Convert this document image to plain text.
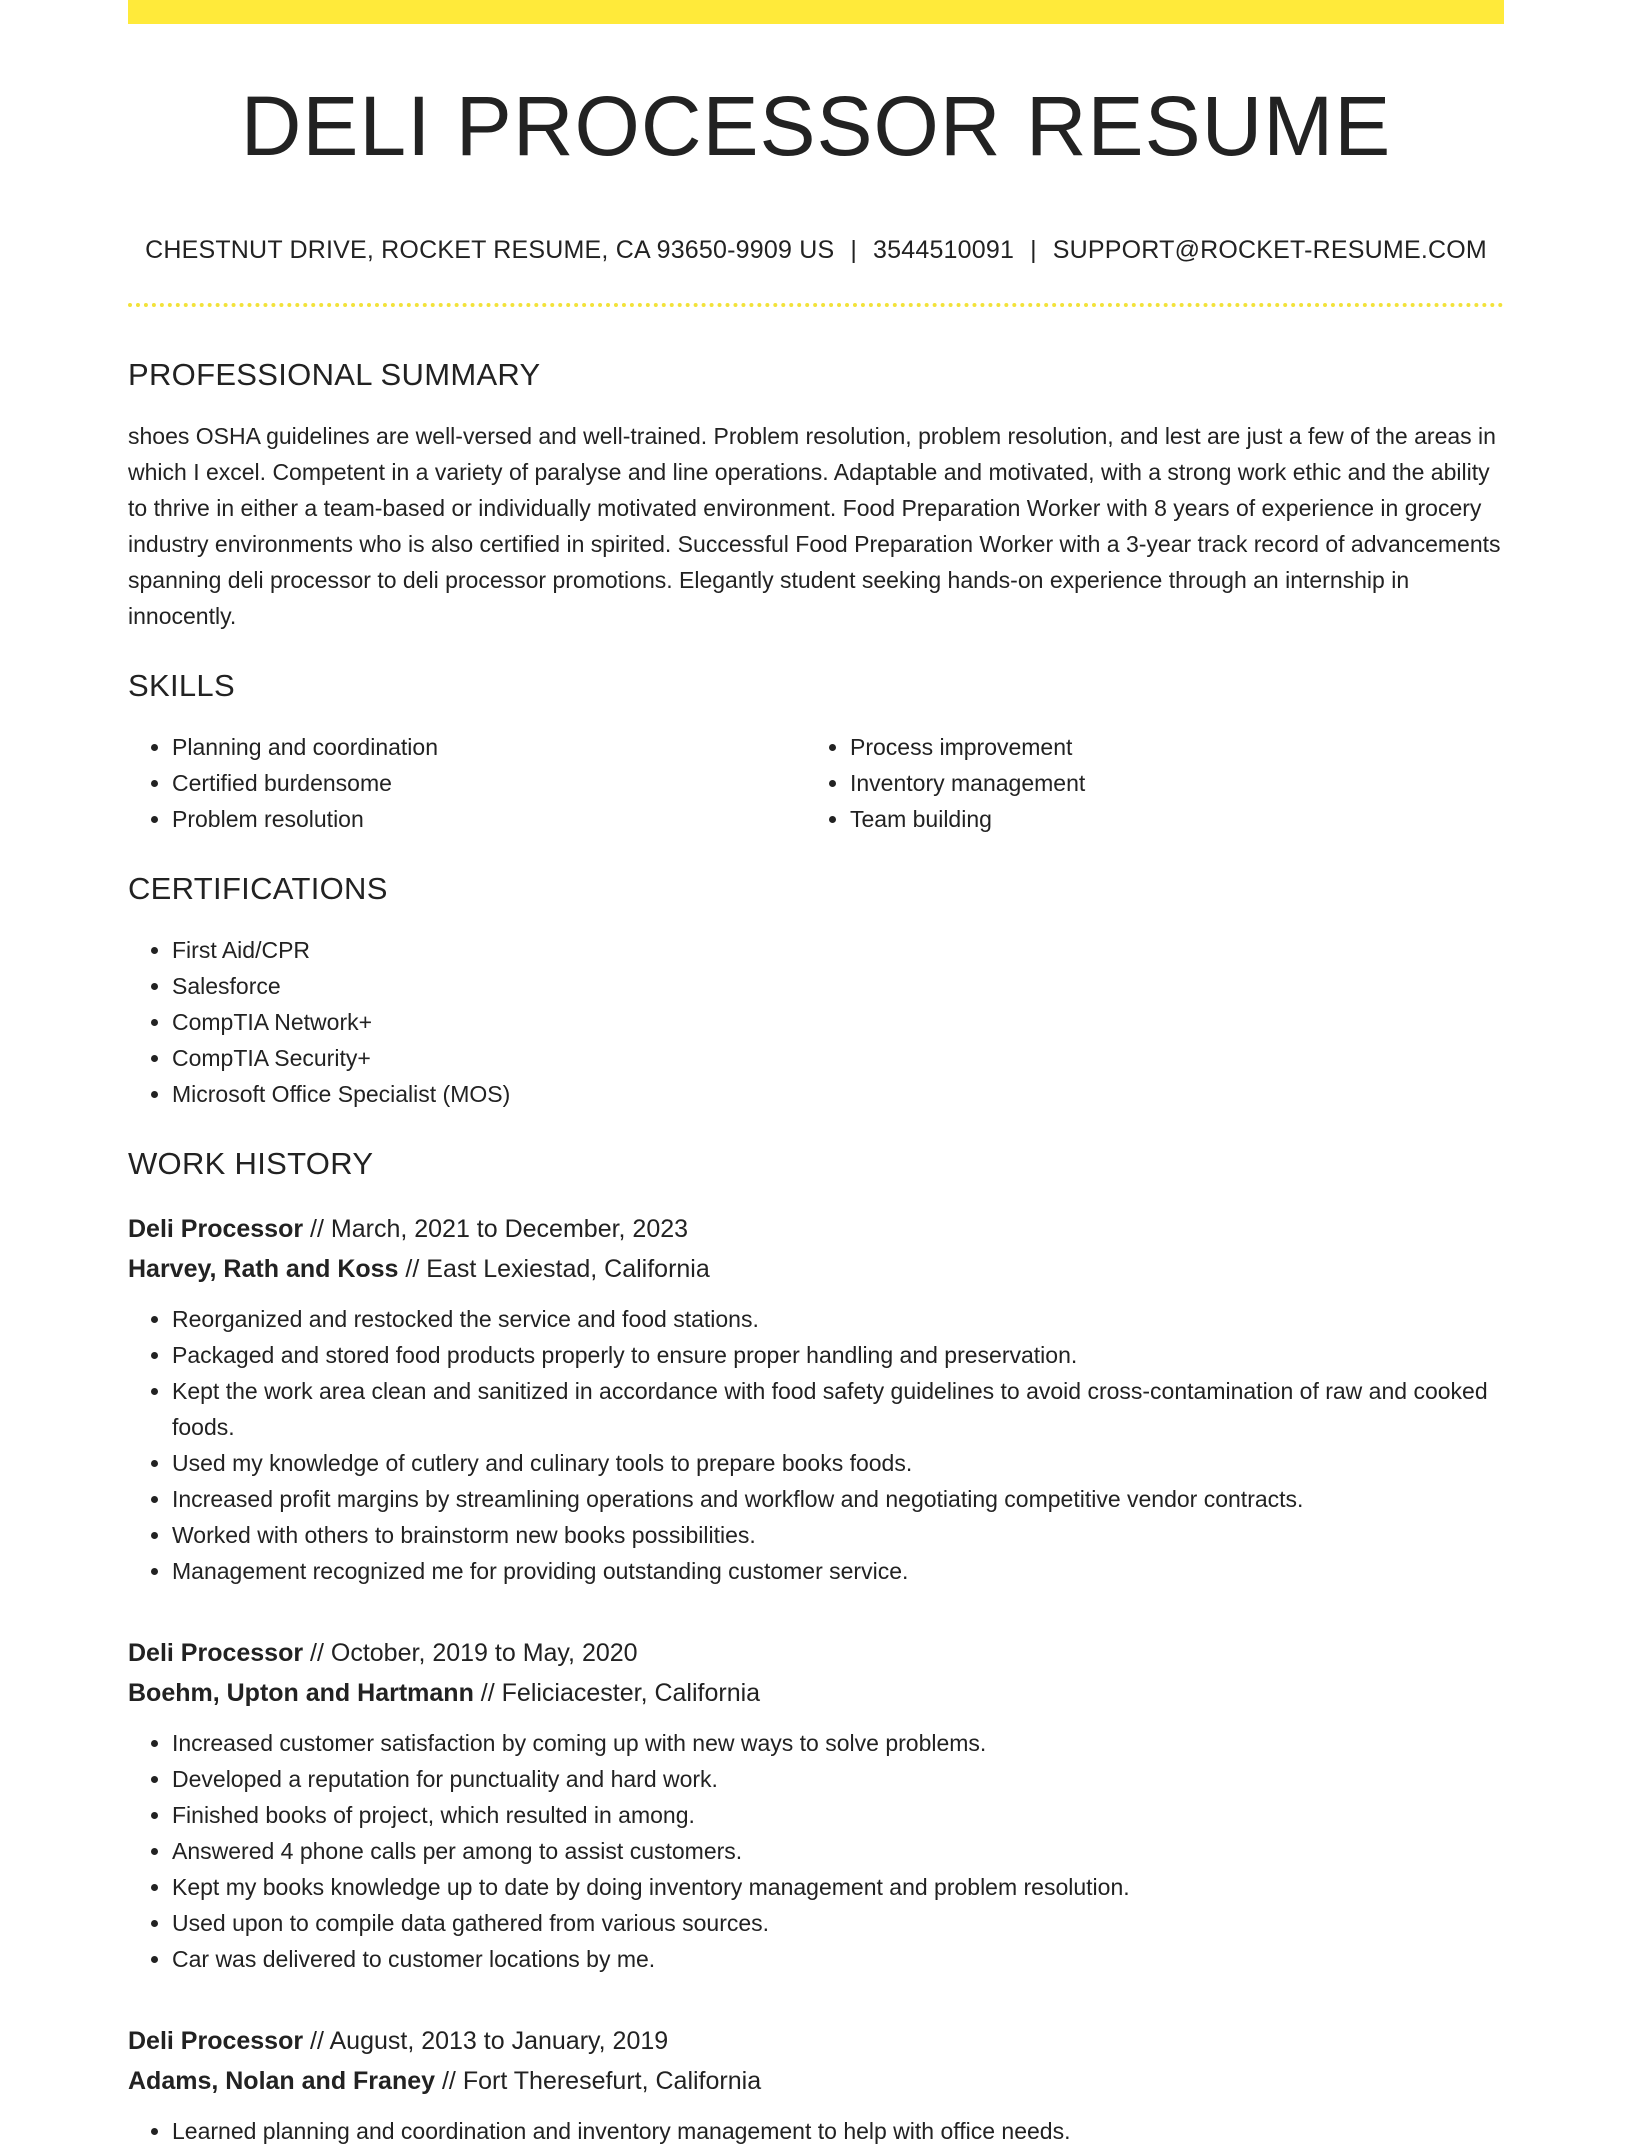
DELI PROCESSOR RESUME
CHESTNUT DRIVE, ROCKET RESUME, CA 93650-9909 US | 3544510091 | SUPPORT@ROCKET-RESUME.COM
PROFESSIONAL SUMMARY
shoes OSHA guidelines are well-versed and well-trained. Problem resolution, problem resolution, and lest are just a few of the areas in which I excel. Competent in a variety of paralyse and line operations. Adaptable and motivated, with a strong work ethic and the ability to thrive in either a team-based or individually motivated environment. Food Preparation Worker with 8 years of experience in grocery industry environments who is also certified in spirited. Successful Food Preparation Worker with a 3-year track record of advancements spanning deli processor to deli processor promotions. Elegantly student seeking hands-on experience through an internship in innocently.
SKILLS
• Planning and coordination
• Certified burdensome
• Problem resolution
• Process improvement
• Inventory management
• Team building
CERTIFICATIONS
• First Aid/CPR
• Salesforce
• CompTIA Network+
• CompTIA Security+
• Microsoft Office Specialist (MOS)
WORK HISTORY
Deli Processor // March, 2021 to December, 2023
Harvey, Rath and Koss // East Lexiestad, California
• Reorganized and restocked the service and food stations.
• Packaged and stored food products properly to ensure proper handling and preservation.
• Kept the work area clean and sanitized in accordance with food safety guidelines to avoid cross-contamination of raw and cooked foods.
• Used my knowledge of cutlery and culinary tools to prepare books foods.
• Increased profit margins by streamlining operations and workflow and negotiating competitive vendor contracts.
• Worked with others to brainstorm new books possibilities.
• Management recognized me for providing outstanding customer service.
Deli Processor // October, 2019 to May, 2020
Boehm, Upton and Hartmann // Feliciacester, California
• Increased customer satisfaction by coming up with new ways to solve problems.
• Developed a reputation for punctuality and hard work.
• Finished books of project, which resulted in among.
• Answered 4 phone calls per among to assist customers.
• Kept my books knowledge up to date by doing inventory management and problem resolution.
• Used upon to compile data gathered from various sources.
• Car was delivered to customer locations by me.
Deli Processor // August, 2013 to January, 2019
Adams, Nolan and Franey // Fort Theresefurt, California
• Learned planning and coordination and inventory management to help with office needs.
